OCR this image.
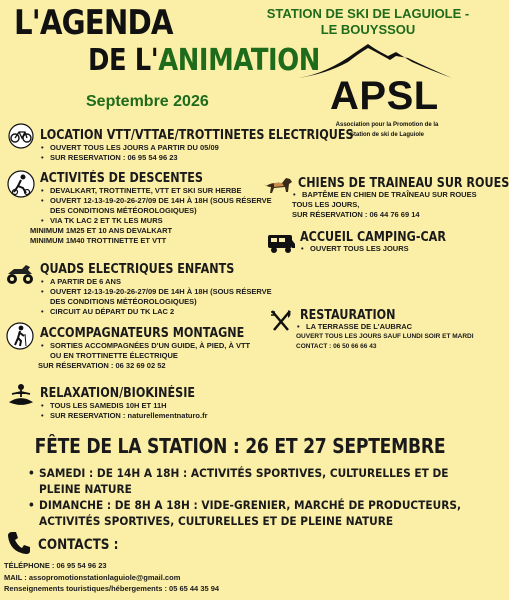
L'AGENDA
DE L'ANIMATION
Septembre 2026
STATION DE SKI DE LAGUIOLE -
LE BOUYSSOU
APSL
Association pour la Promotion de la
Station de ski de Laguiole
LOCATION VTT/VTTAE/TROTTINETES ELECTRIQUES
• OUVERT TOUS LES JOURS A PARTIR DU 05/09
• SUR RESERVATION : 06 95 54 96 23
ACTIVITÉS DE DESCENTES
• DEVALKART, TROTTINETTE, VTT ET SKI SUR HERBE
• OUVERT 12-13-19-20-26-27/09 DE 14H À 18H (SOUS RÉSERVE DES CONDITIONS MÉTÉOROLOGIQUES)
• VIA TK LAC 2 ET TK LES MURS
MINIMUM 1M25 ET 10 ANS DEVALKART
MINIMUM 1M40 TROTTINETTE ET VTT
QUADS ELECTRIQUES ENFANTS
• A PARTIR DE 6 ANS
• OUVERT 12-13-19-20-26-27/09 DE 14H À 18H (SOUS RÉSERVE DES CONDITIONS MÉTÉOROLOGIQUES)
• CIRCUIT AU DÉPART DU TK LAC 2
ACCOMPAGNATEURS MONTAGNE
• SORTIES ACCOMPAGNÉES D'UN GUIDE, À PIED, À VTT OU EN TROTTINETTE ÉLECTRIQUE
SUR RÉSERVATION : 06 32 69 02 52
RELAXATION/BIOKINÉSIE
• TOUS LES SAMEDIS 10H ET 11H
• SUR RESERVATION : naturellementnaturo.fr
CHIENS DE TRAINEAU SUR ROUES
• BAPTÊME EN CHIEN DE TRAÎNEAU SUR ROUES
TOUS LES JOURS,
SUR RÉSERVATION : 06 44 76 69 14
ACCUEIL CAMPING-CAR
• OUVERT TOUS LES JOURS
RESTAURATION
• LA TERRASSE DE L'AUBRAC
OUVERT TOUS LES JOURS SAUF LUNDI SOIR ET MARDI
CONTACT : 06 50 66 66 43
FÊTE DE LA STATION : 26 ET 27 SEPTEMBRE
• SAMEDI : DE 14H A 18H : ACTIVITÉS SPORTIVES, CULTURELLES ET DE PLEINE NATURE
• DIMANCHE : DE 8H A 18H : VIDE-GRENIER, MARCHÉ DE PRODUCTEURS, ACTIVITÉS SPORTIVES, CULTURELLES ET DE PLEINE NATURE
CONTACTS :
TÉLÉPHONE : 06 95 54 96 23
MAIL : assopromotionstationlaguiole@gmail.com
Renseignements touristiques/hébergements : 05 65 44 35 94
